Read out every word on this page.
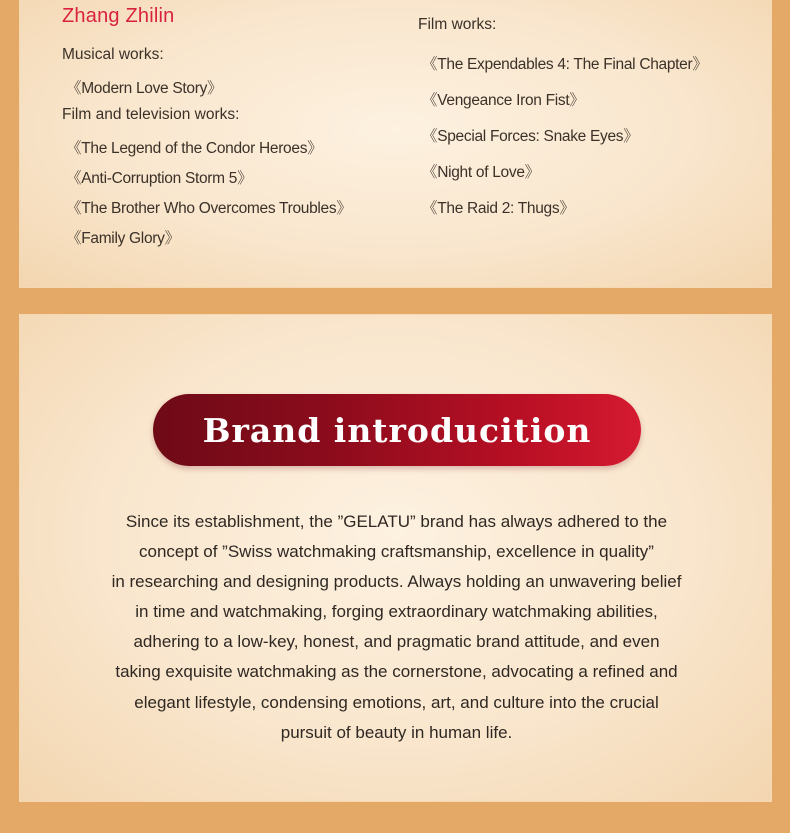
Zhang Zhilin
Musical works:
《Modern Love Story》
Film and television works:
《The Legend of the Condor Heroes》
《Anti-Corruption Storm 5》
《The Brother Who Overcomes Troubles》
《Family Glory》
Film works:
《The Expendables 4: The Final Chapter》
《Vengeance Iron Fist》
《Special Forces: Snake Eyes》
《Night of Love》
《The Raid 2: Thugs》
Brand introducition
Since its establishment, the ”GELATU” brand has always adhered to the
concept of ”Swiss watchmaking craftsmanship, excellence in quality”
in researching and designing products. Always holding an unwavering belief
in time and watchmaking, forging extraordinary watchmaking abilities,
adhering to a low-key, honest, and pragmatic brand attitude, and even
taking exquisite watchmaking as the cornerstone, advocating a refined and
elegant lifestyle, condensing emotions, art, and culture into the crucial
pursuit of beauty in human life.
